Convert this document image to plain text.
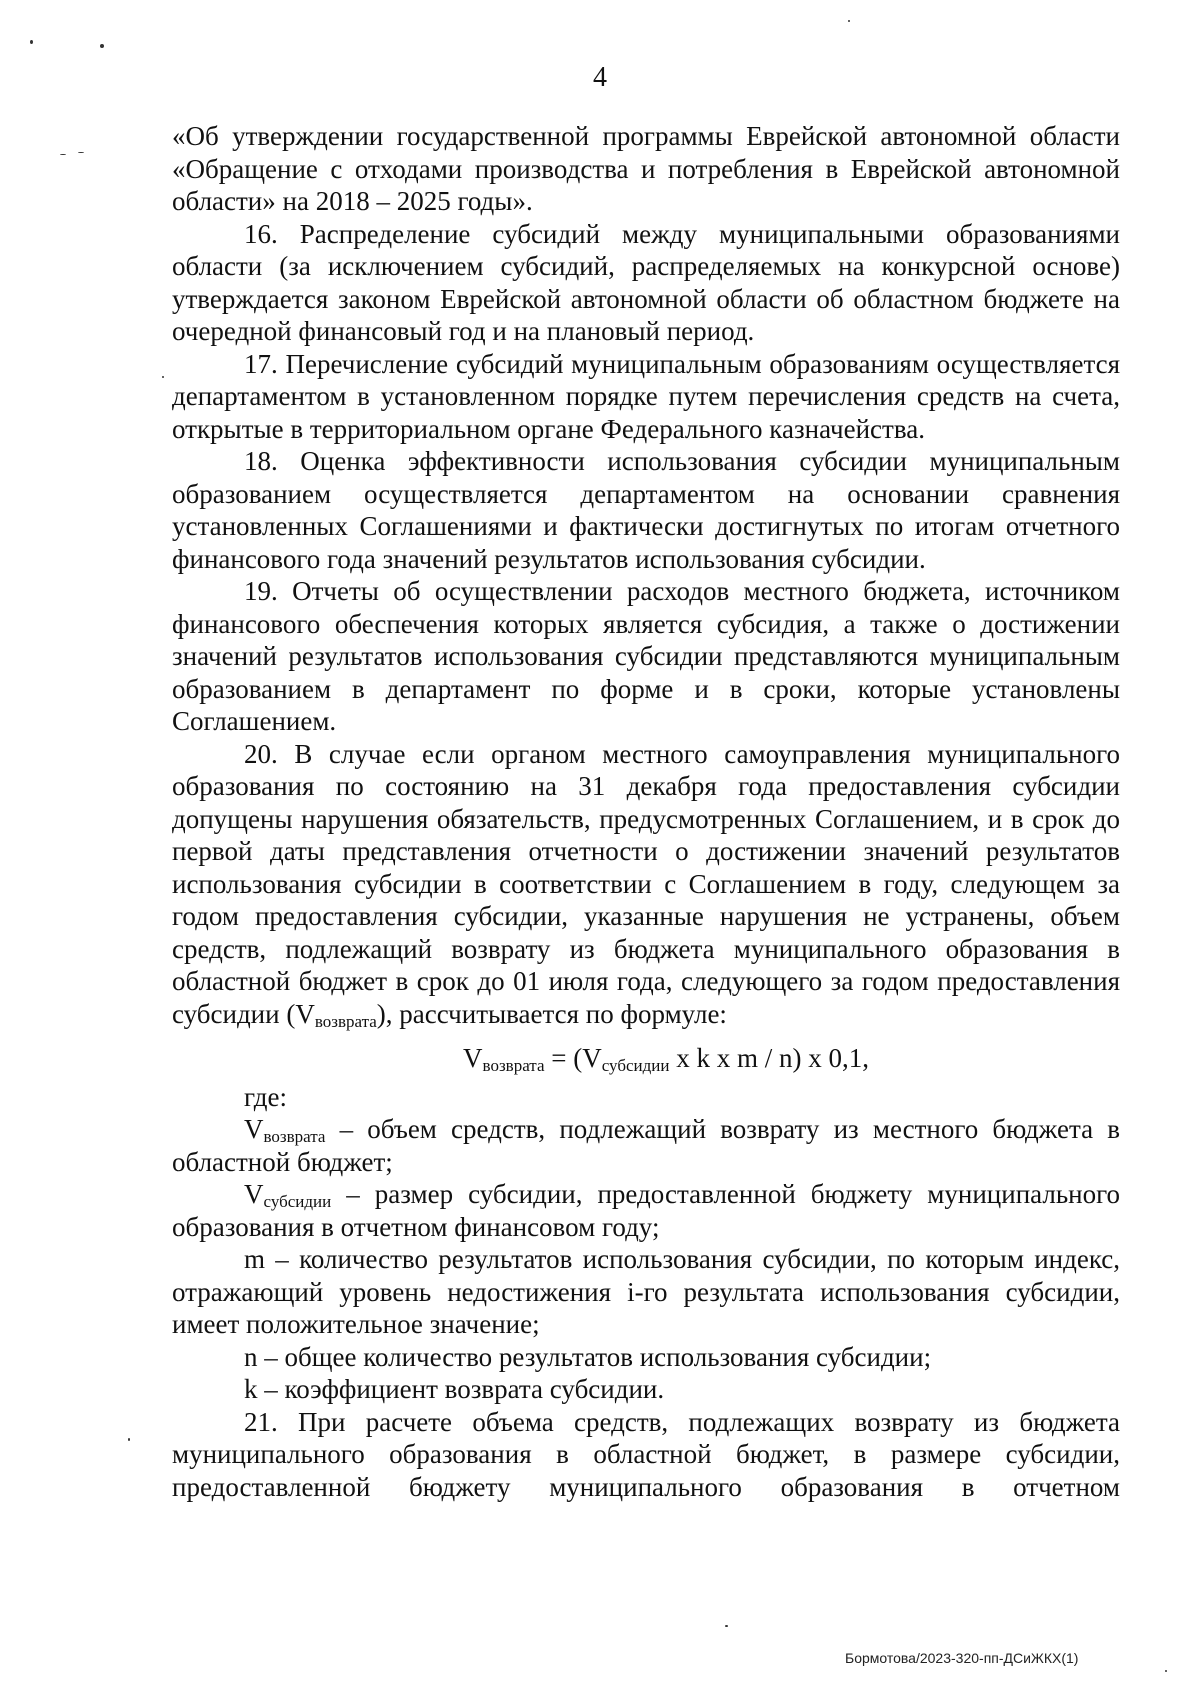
4

«Об утверждении государственной программы Еврейской автономной области «Обращение с отходами производства и потребления в Еврейской автономной области» на 2018 – 2025 годы».

16. Распределение субсидий между муниципальными образованиями области (за исключением субсидий, распределяемых на конкурсной основе) утверждается законом Еврейской автономной области об областном бюджете на очередной финансовый год и на плановый период.

17. Перечисление субсидий муниципальным образованиям осуществляется департаментом в установленном порядке путем перечисления средств на счета, открытые в территориальном органе Федерального казначейства.

18. Оценка эффективности использования субсидии муниципальным образованием осуществляется департаментом на основании сравнения установленных Соглашениями и фактически достигнутых по итогам отчетного финансового года значений результатов использования субсидии.

19. Отчеты об осуществлении расходов местного бюджета, источником финансового обеспечения которых является субсидия, а также о достижении значений результатов использования субсидии представляются муниципальным образованием в департамент по форме и в сроки, которые установлены Соглашением.

20. В случае если органом местного самоуправления муниципального образования по состоянию на 31 декабря года предоставления субсидии допущены нарушения обязательств, предусмотренных Соглашением, и в срок до первой даты представления отчетности о достижении значений результатов использования субсидии в соответствии с Соглашением в году, следующем за годом предоставления субсидии, указанные нарушения не устранены, объем средств, подлежащий возврату из бюджета муниципального образования в областной бюджет в срок до 01 июля года, следующего за годом предоставления субсидии $(V_{возврата})$, рассчитывается по формуле:

$V_{возврата} = (V_{субсидии}$ x k x m / n) x 0,1,

где:

$V_{возврата}$ – объем средств, подлежащий возврату из местного бюджета в областной бюджет;

$V_{субсидии}$ – размер субсидии, предоставленной бюджету муниципального образования в отчетном финансовом году;

m – количество результатов использования субсидии, по которым индекс, отражающий уровень недостижения i-го результата использования субсидии, имеет положительное значение;

n – общее количество результатов использования субсидии;

k – коэффициент возврата субсидии.

21. При расчете объема средств, подлежащих возврату из бюджета муниципального образования в областной бюджет, в размере субсидии, предоставленной бюджету муниципального образования в отчетном

Бормотова/2023-320-пп-ДСиЖКХ(1)
